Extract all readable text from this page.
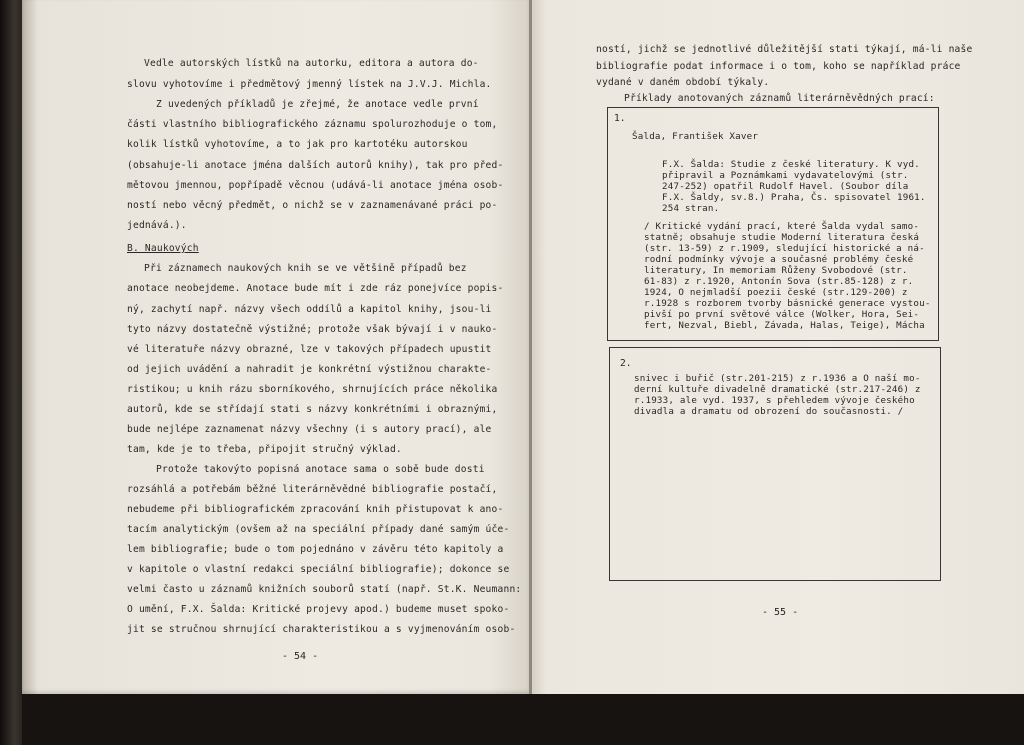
Vedle autorských lístků na autorku, editora a autora do-
slovu vyhotovíme i předmětový jmenný lístek na J.V.J. Michla.
Z uvedených příkladů je zřejmé, že anotace vedle první
části vlastního bibliografického záznamu spolurozhoduje o tom,
kolik lístků vyhotovíme, a to jak pro kartotéku autorskou
(obsahuje-li anotace jména dalších autorů knihy), tak pro před-
mětovou jmennou, popřípadě věcnou (udává-li anotace jména osob-
ností nebo věcný předmět, o nichž se v zaznamenávané práci po-
jednává.).
B. Naukových
Při záznamech naukových knih se ve většině případů bez
anotace neobejdeme. Anotace bude mít i zde ráz ponejvíce popis-
ný, zachytí např. názvy všech oddílů a kapitol knihy, jsou-li
tyto názvy dostatečně výstižné; protože však bývají i v nauko-
vé literatuře názvy obrazné, lze v takových případech upustit
od jejich uvádění a nahradit je konkrétní výstižnou charakte-
ristikou; u knih rázu sborníkového, shrnujících práce několika
autorů, kde se střídají stati s názvy konkrétními i obraznými,
bude nejlépe zaznamenat názvy všechny (i s autory prací), ale
tam, kde je to třeba, připojit stručný výklad.
Protože takovýto popisná anotace sama o sobě bude dosti
rozsáhlá a potřebám běžné literárněvědné bibliografie postačí,
nebudeme při bibliografickém zpracování knih přistupovat k ano-
tacím analytickým (ovšem až na speciální případy dané samým úče-
lem bibliografie; bude o tom pojednáno v závěru této kapitoly a
v kapitole o vlastní redakci speciální bibliografie); dokonce se
velmi často u záznamů knižních souborů statí (např. St.K. Neumann:
O umění, F.X. Šalda: Kritické projevy apod.) budeme muset spoko-
jit se stručnou shrnující charakteristikou a s vyjmenováním osob-
- 54 -
ností, jichž se jednotlivé důležitější stati týkají, má-li naše
bibliografie podat informace i o tom, koho se například práce
vydané v daném období týkaly.
Příklady anotovaných záznamů literárněvědných prací:
1.
Šalda, František Xaver
F.X. Šalda: Studie z české literatury. K vyd.
připravil a Poznámkami vydavatelovými (str.
247-252) opatřil Rudolf Havel. (Soubor díla
F.X. Šaldy, sv.8.) Praha, Čs. spisovatel 1961.
254 stran.
/ Kritické vydání prací, které Šalda vydal samo-
statně; obsahuje studie Moderní literatura česká
(str. 13-59) z r.1909, sledující historické a ná-
rodní podmínky vývoje a současné problémy české
literatury, In memoriam Růženy Svobodové (str.
61-83) z r.1920, Antonín Sova (str.85-128) z r.
1924, O nejmladší poezii české (str.129-200) z
r.1928 s rozborem tvorby básnické generace vystou-
pivší po první světové válce (Wolker, Hora, Sei-
fert, Nezval, Biebl, Závada, Halas, Teige), Mácha
2.
snivec i buřič (str.201-215) z r.1936 a O naší mo-
derní kultuře divadelně dramatické (str.217-246) z
r.1933, ale vyd. 1937, s přehledem vývoje českého
divadla a dramatu od obrození do současnosti. /
- 55 -
